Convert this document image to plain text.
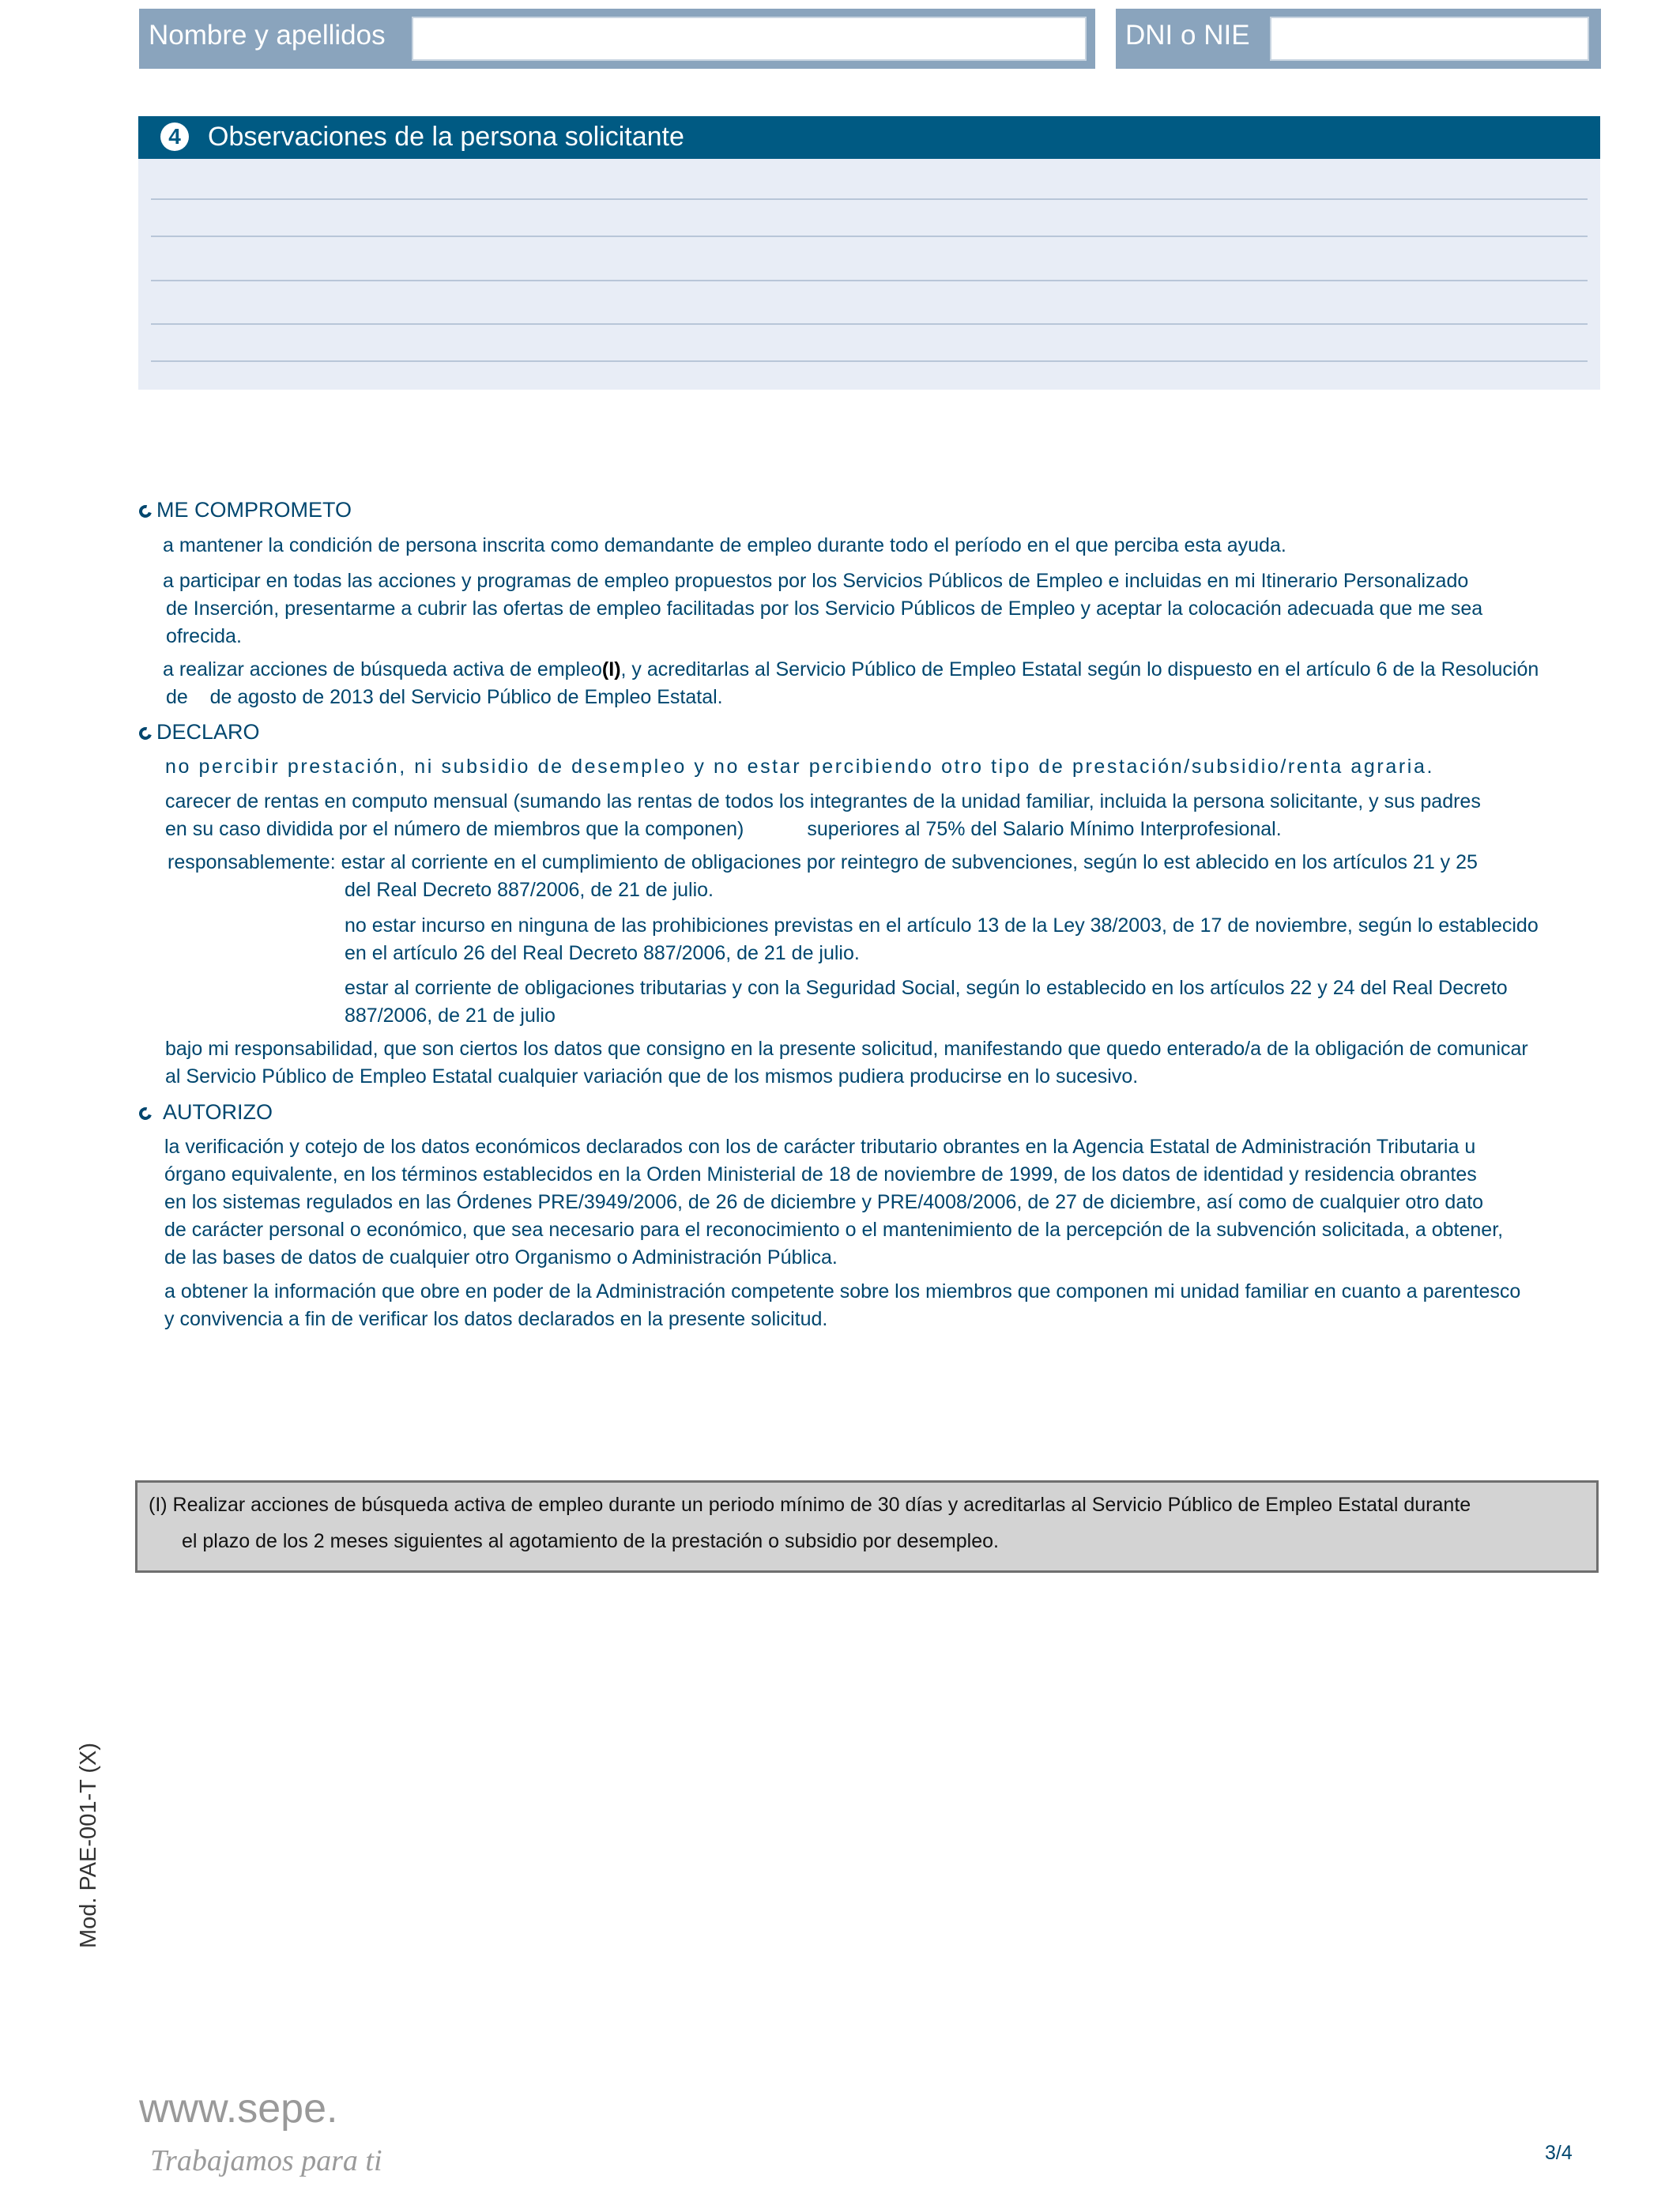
Nombre y apellidos	DNI o NIE
4	Observaciones de la persona solicitante
ME COMPROMETO
a mantener la condición de persona inscrita como demandante de empleo durante todo el período en el que perciba esta ayuda.
a participar en todas las acciones y programas de empleo propuestos por los Servicios Públicos de Empleo e incluidas en mi Itinerario Personalizado
de Inserción, presentarme a cubrir las ofertas de empleo facilitadas por los Servicio Públicos de Empleo y aceptar la colocación adecuada que me sea
ofrecida.
a realizar acciones de búsqueda activa de empleo(I), y acreditarlas al Servicio Público de Empleo Estatal según lo dispuesto en el artículo 6 de la Resolución
de    de agosto de 2013 del Servicio Público de Empleo Estatal.
DECLARO
no percibir prestación, ni subsidio de desempleo y no estar percibiendo otro tipo de prestación/subsidio/renta agraria.
carecer de rentas en computo mensual (sumando las rentas de todos los integrantes de la unidad familiar, incluida la persona solicitante, y sus padres
en su caso dividida por el número de miembros que la componen)	superiores al 75% del Salario Mínimo Interprofesional.
responsablemente: estar al corriente en el cumplimiento de obligaciones por reintegro de subvenciones, según lo est ablecido en los artículos 21 y 25
del Real Decreto 887/2006, de 21 de julio.
no estar incurso en ninguna de las prohibiciones previstas en el artículo 13 de la Ley 38/2003, de 17 de noviembre, según lo establecido
en el artículo 26 del Real Decreto 887/2006, de 21 de julio.
estar al corriente de obligaciones tributarias y con la Seguridad Social, según lo establecido en los artículos 22 y 24 del Real Decreto
887/2006, de 21 de julio
bajo mi responsabilidad, que son ciertos los datos que consigno en la presente solicitud, manifestando que quedo enterado/a de la obligación de comunicar
al Servicio Público de Empleo Estatal cualquier variación que de los mismos pudiera producirse en lo sucesivo.
AUTORIZO
la verificación y cotejo de los datos económicos declarados con los de carácter tributario obrantes en la Agencia Estatal de Administración Tributaria u
órgano equivalente, en los términos establecidos en la Orden Ministerial de 18 de noviembre de 1999, de los datos de identidad y residencia obrantes
en los sistemas regulados en las Órdenes PRE/3949/2006, de 26 de diciembre y PRE/4008/2006, de 27 de diciembre, así como de cualquier otro dato
de carácter personal o económico, que sea necesario para el reconocimiento o el mantenimiento de la percepción de la subvención solicitada, a obtener,
de las bases de datos de cualquier otro Organismo o Administración Pública.
a obtener la información que obre en poder de la Administración competente sobre los miembros que componen mi unidad familiar en cuanto a parentesco
y convivencia a fin de verificar los datos declarados en la presente solicitud.
(I) Realizar acciones de búsqueda activa de empleo durante un periodo mínimo de 30 días y acreditarlas al Servicio Público de Empleo Estatal durante
el plazo de los 2 meses siguientes al agotamiento de la prestación o subsidio por desempleo.
Mod. PAE-001-T (X)
www.sepe.
Trabajamos para ti	3/4
